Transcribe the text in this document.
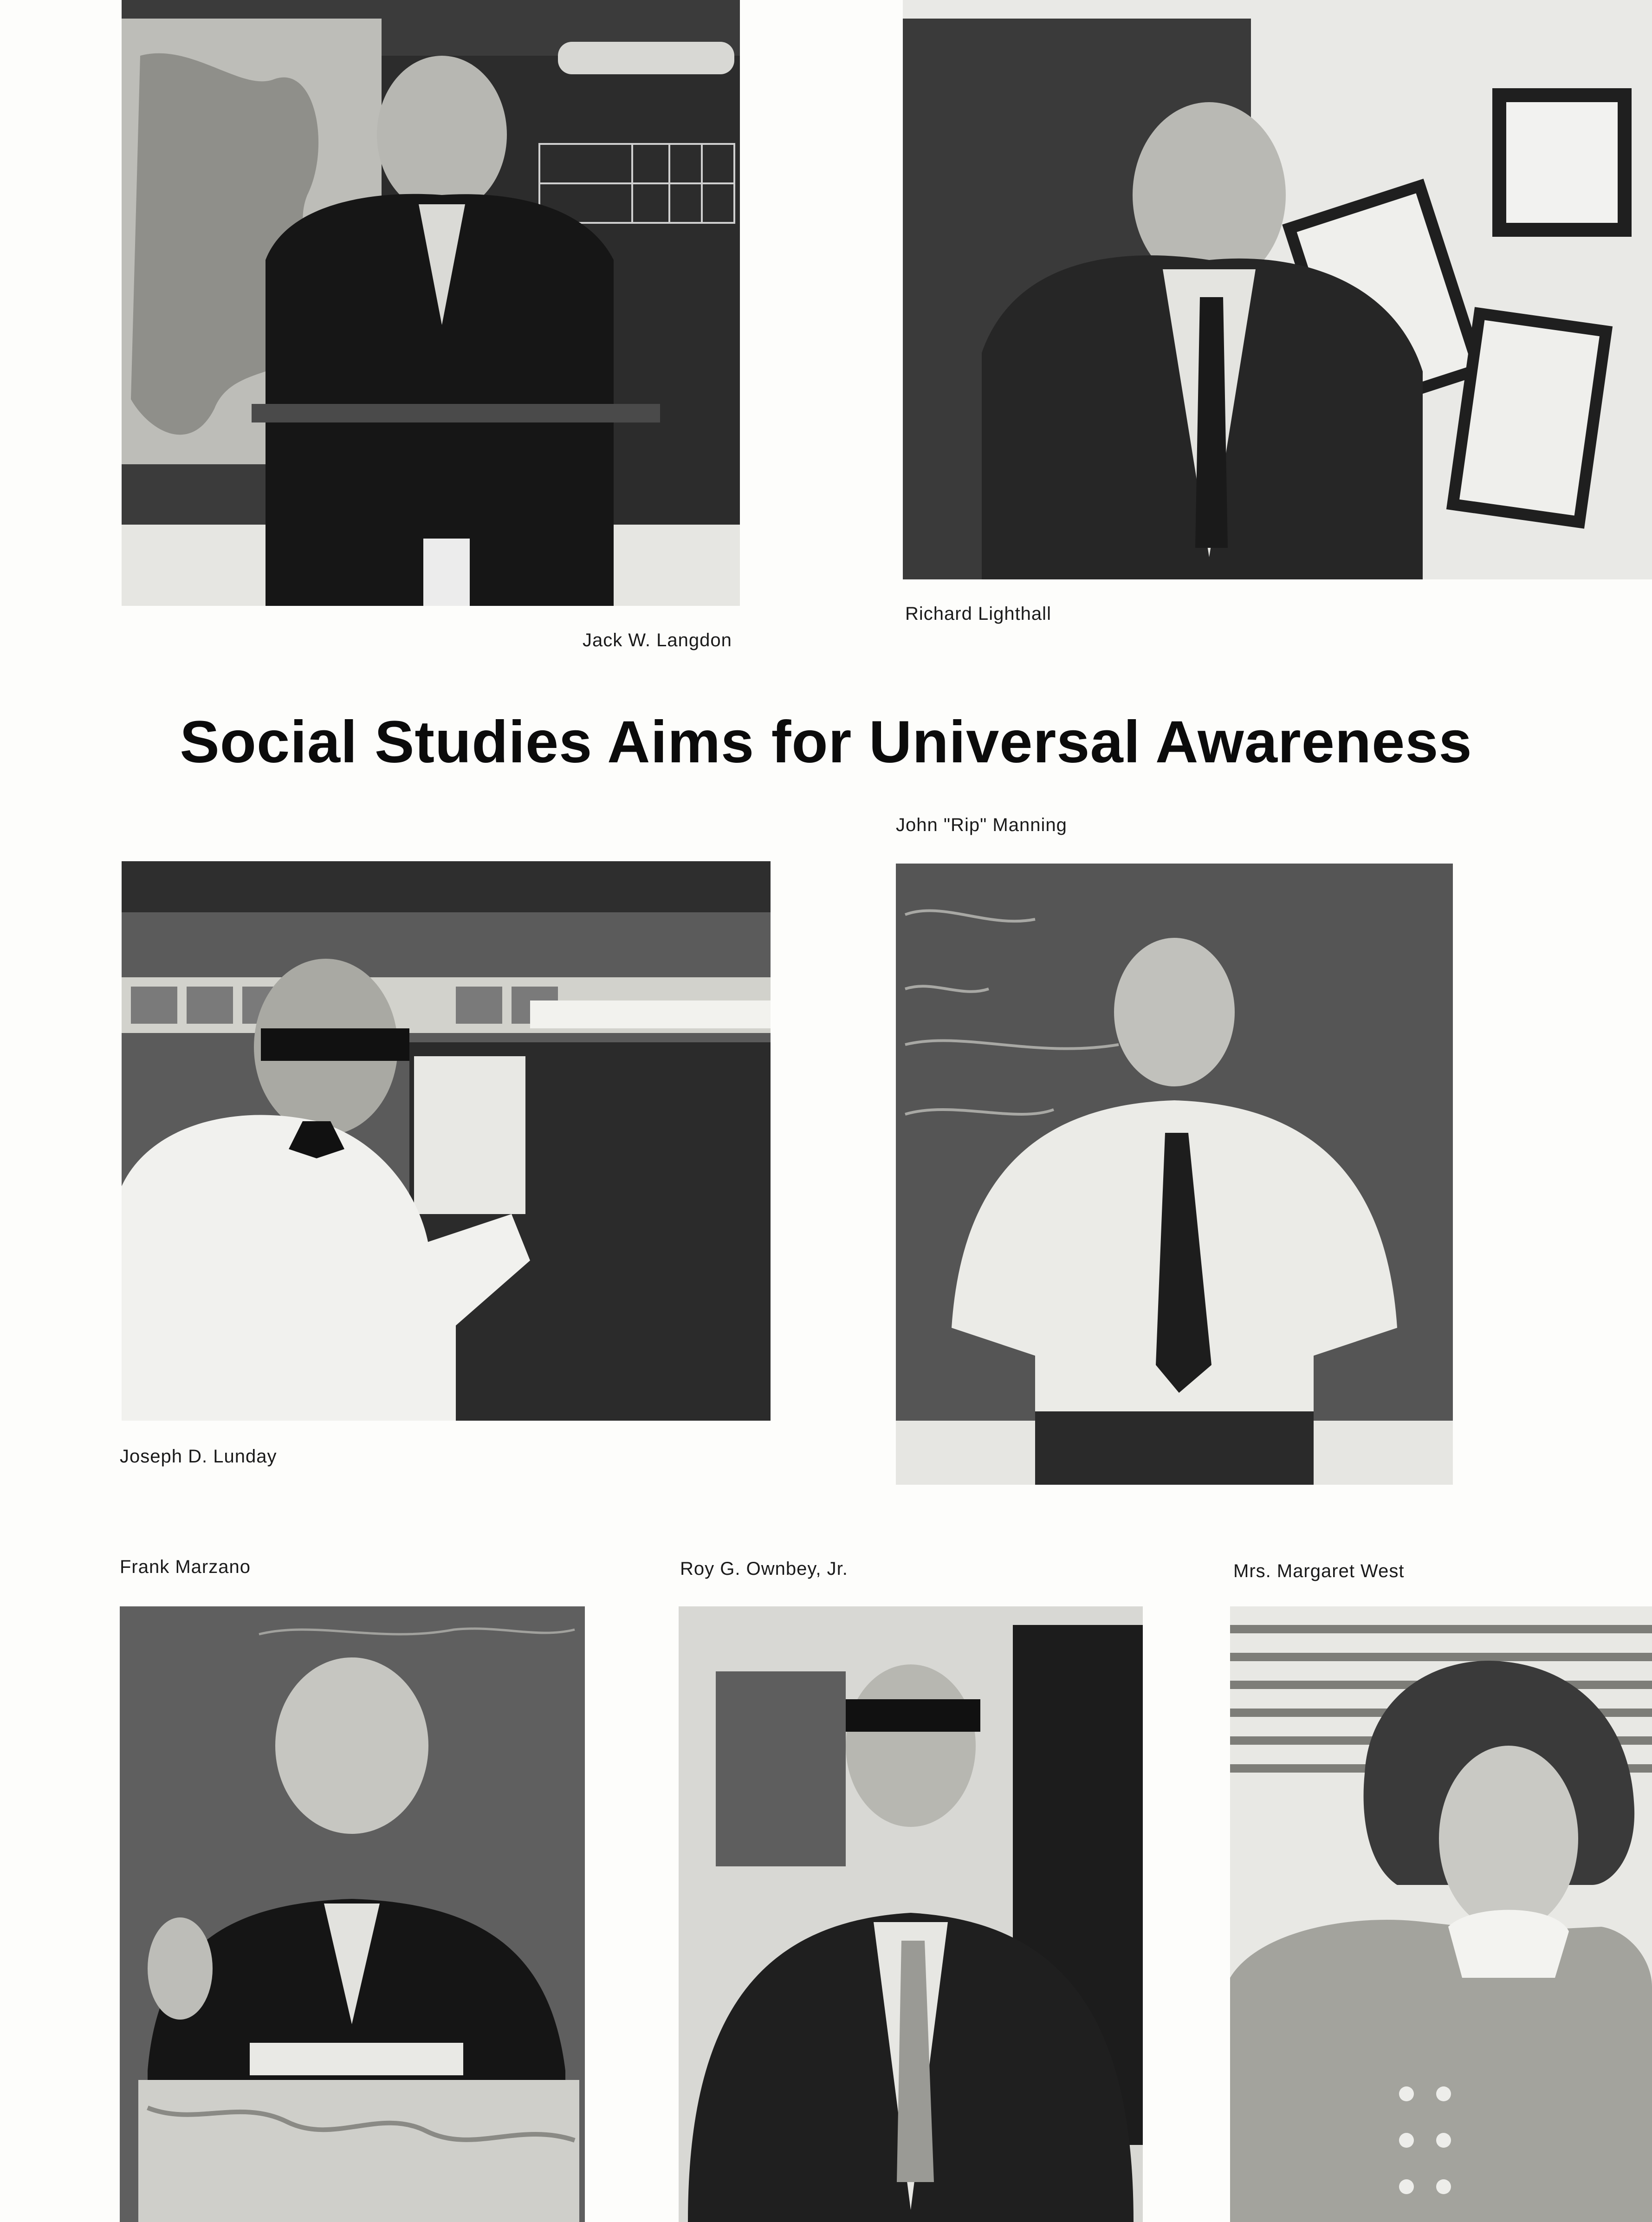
Jack W. Langdon
Richard Lighthall
Social Studies Aims for Universal Awareness
John "Rip" Manning
Joseph D. Lunday
Frank Marzano	Roy G. Ownbey, Jr.	Mrs. Margaret West
